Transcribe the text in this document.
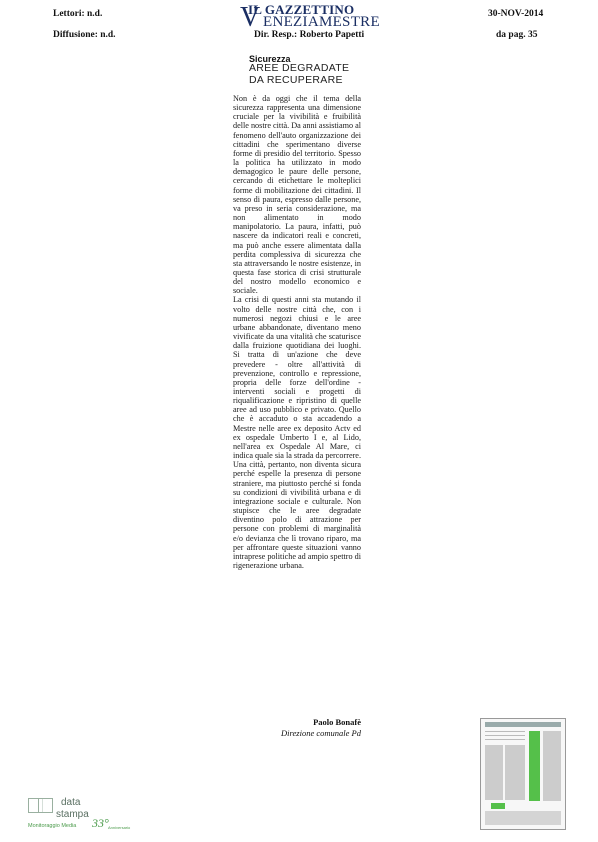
Lettori: n.d.
Diffusione: n.d.
IL GAZZETTINO
V ENEZIAMESTRE
Dir. Resp.: Roberto Papetti
30-NOV-2014
da pag. 35
Sicurezza
AREE DEGRADATE
DA RECUPERARE

Non è da oggi che il tema della sicurezza rappresenta una dimensione cruciale per la vivibilità e fruibilità delle nostre città. Da anni assistiamo al fenomeno dell'auto organizzazione dei cittadini che sperimentano diverse forme di presidio del territorio. Spesso la politica ha utilizzato in modo demagogico le paure delle persone, cercando di etichettare le molteplici forme di mobilitazione dei cittadini. Il senso di paura, espresso dalle persone, va preso in seria considerazione, ma non alimentato in modo manipolatorio. La paura, infatti, può nascere da indicatori reali e concreti, ma può anche essere alimentata dalla perdita complessiva di sicurezza che sta attraversando le nostre esistenze, in questa fase storica di crisi strutturale del nostro modello economico e sociale.

La crisi di questi anni sta mutando il volto delle nostre città che, con i numerosi negozi chiusi e le aree urbane abbandonate, diventano meno vivificate da una vitalità che scaturisce dalla fruizione quotidiana dei luoghi. Si tratta di un'azione che deve prevedere - oltre all'attività di prevenzione, controllo e repressione, propria delle forze dell'ordine - interventi sociali e progetti di riqualificazione e ripristino di quelle aree ad uso pubblico e privato. Quello che è accaduto o sta accadendo a Mestre nelle aree ex deposito Actv ed ex ospedale Umberto I e, al Lido, nell'area ex Ospedale Al Mare, ci indica quale sia la strada da percorrere. Una città, pertanto, non diventa sicura perché espelle la presenza di persone straniere, ma piuttosto perché si fonda su condizioni di vivibilità urbana e di integrazione sociale e culturale. Non stupisce che le aree degradate diventino polo di attrazione per persone con problemi di marginalità e/o devianza che lì trovano riparo, ma per affrontare queste situazioni vanno intraprese politiche ad ampio spettro di rigenerazione urbana.

Paolo Bonafè
Direzione comunale Pd
data
stampa
Monitoraggio Media 33° Anniversario
